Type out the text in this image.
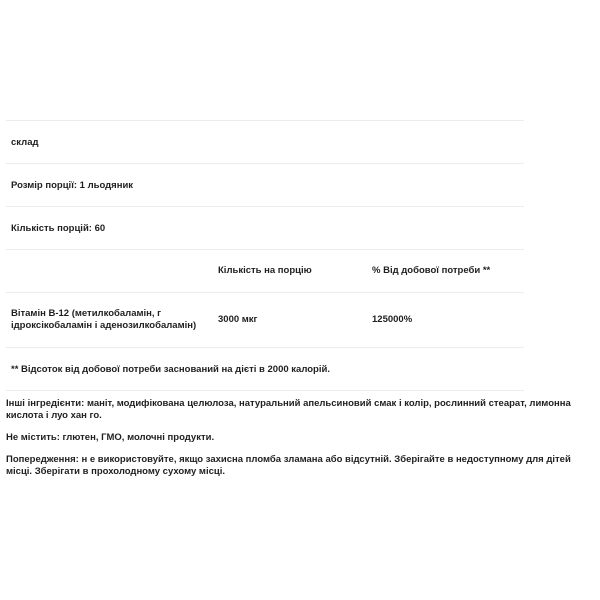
склад
Розмір порції: 1 льодяник
Кількість порцій: 60
Кількість на порцію	% Від добової потреби **
Вітамін B-12 (метилкобаламін, г
ідроксікобаламін і аденозилкобаламін)
3000 мкг	125000%
** Відсоток від добової потреби заснований на дієті в 2000 калорій.

Інші інгредієнти: маніт, модифікована целюлоза, натуральний апельсиновий смак і колір, рослинний стеарат, лимонна
кислота і луо хан го.

Не містить: глютен, ГМО, молочні продукти.

Попередження: н е використовуйте, якщо захисна пломба зламана або відсутній. Зберігайте в недоступному для дітей
місці. Зберігати в прохолодному сухому місці.
